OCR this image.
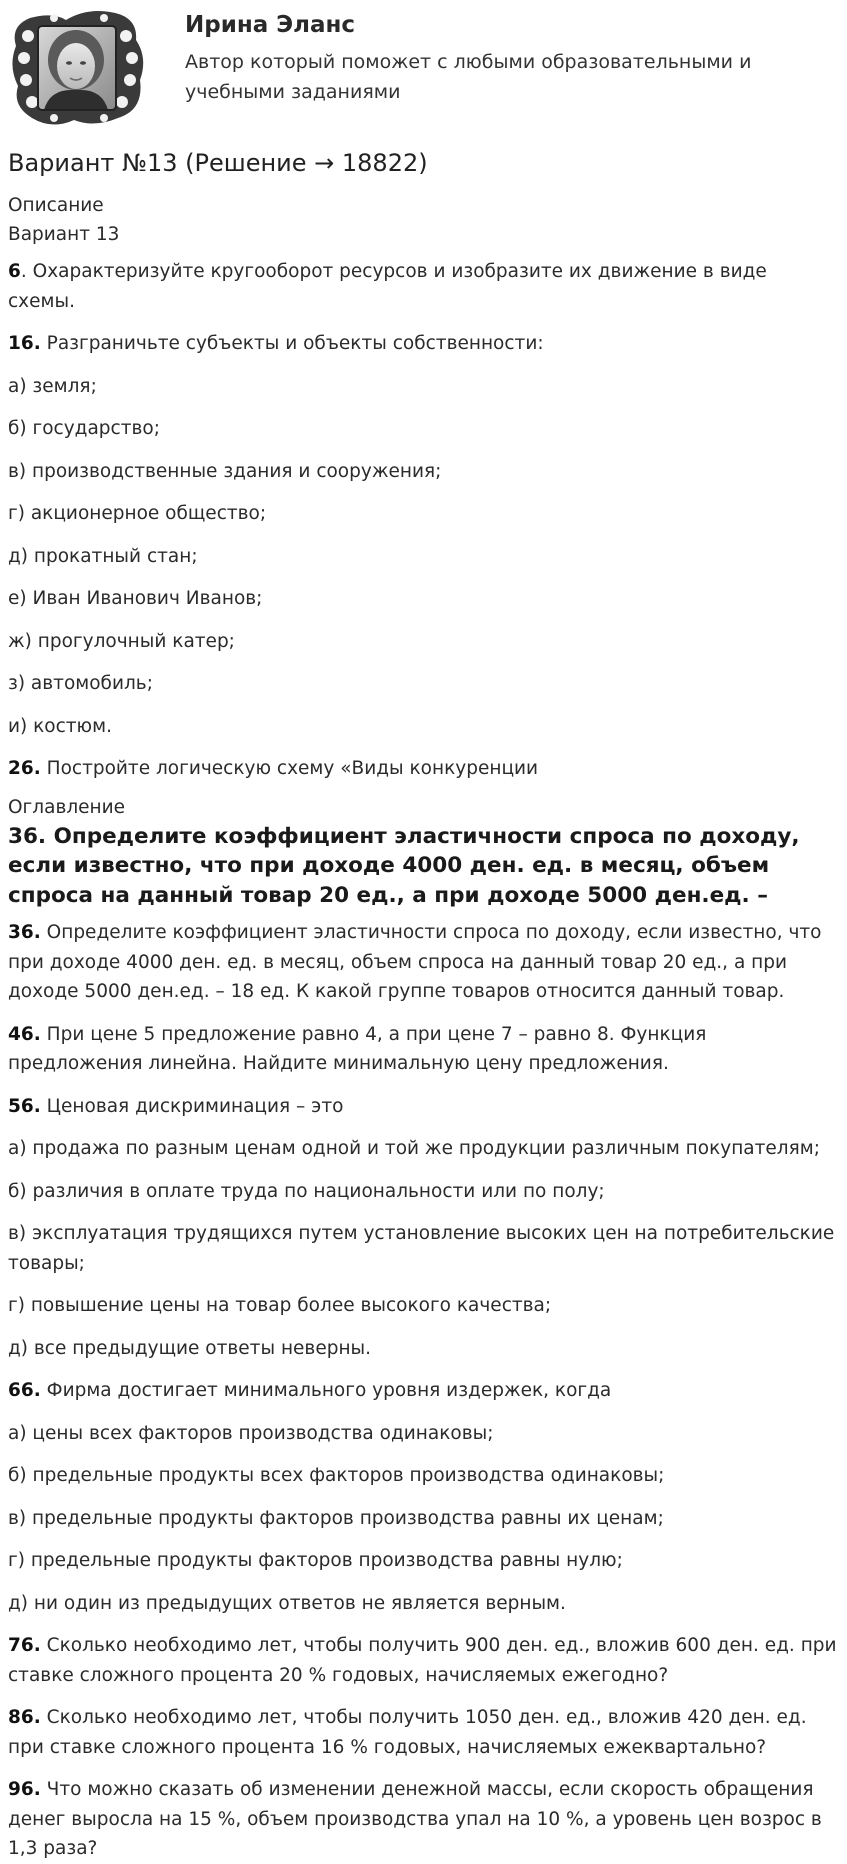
Ирина Эланс
Автор который поможет с любыми образовательными и учебными заданиями
Вариант №13 (Решение → 18822)
Описание
Вариант 13
6. Охарактеризуйте кругооборот ресурсов и изобразите их движение в виде схемы.
16. Разграничьте субъекты и объекты собственности:
а) земля;
б) государство;
в) производственные здания и сооружения;
г) акционерное общество;
д) прокатный стан;
е) Иван Иванович Иванов;
ж) прогулочный катер;
з) автомобиль;
и) костюм.
26. Постройте логическую схему «Виды конкуренции
Оглавление
36. Определите коэффициент эластичности спроса по доходу, если известно, что при доходе 4000 ден. ед. в месяц, объем спроса на данный товар 20 ед., а при доходе 5000 ден.ед. –
36. Определите коэффициент эластичности спроса по доходу, если известно, что при доходе 4000 ден. ед. в месяц, объем спроса на данный товар 20 ед., а при доходе 5000 ден.ед. – 18 ед. К какой группе товаров относится данный товар.
46. При цене 5 предложение равно 4, а при цене 7 – равно 8. Функция предложения линейна. Найдите минимальную цену предложения.
56. Ценовая дискриминация – это
а) продажа по разным ценам одной и той же продукции различным покупателям;
б) различия в оплате труда по национальности или по полу;
в) эксплуатация трудящихся путем установление высоких цен на потребительские товары;
г) повышение цены на товар более высокого качества;
д) все предыдущие ответы неверны.
66. Фирма достигает минимального уровня издержек, когда
а) цены всех факторов производства одинаковы;
б) предельные продукты всех факторов производства одинаковы;
в) предельные продукты факторов производства равны их ценам;
г) предельные продукты факторов производства равны нулю;
д) ни один из предыдущих ответов не является верным.
76. Сколько необходимо лет, чтобы получить 900 ден. ед., вложив 600 ден. ед. при ставке сложного процента 20 % годовых, начисляемых ежегодно?
86. Сколько необходимо лет, чтобы получить 1050 ден. ед., вложив 420 ден. ед. при ставке сложного процента 16 % годовых, начисляемых ежеквартально?
96. Что можно сказать об изменении денежной массы, если скорость обращения денег выросла на 15 %, объем производства упал на 10 %, а уровень цен возрос в 1,3 раза?
